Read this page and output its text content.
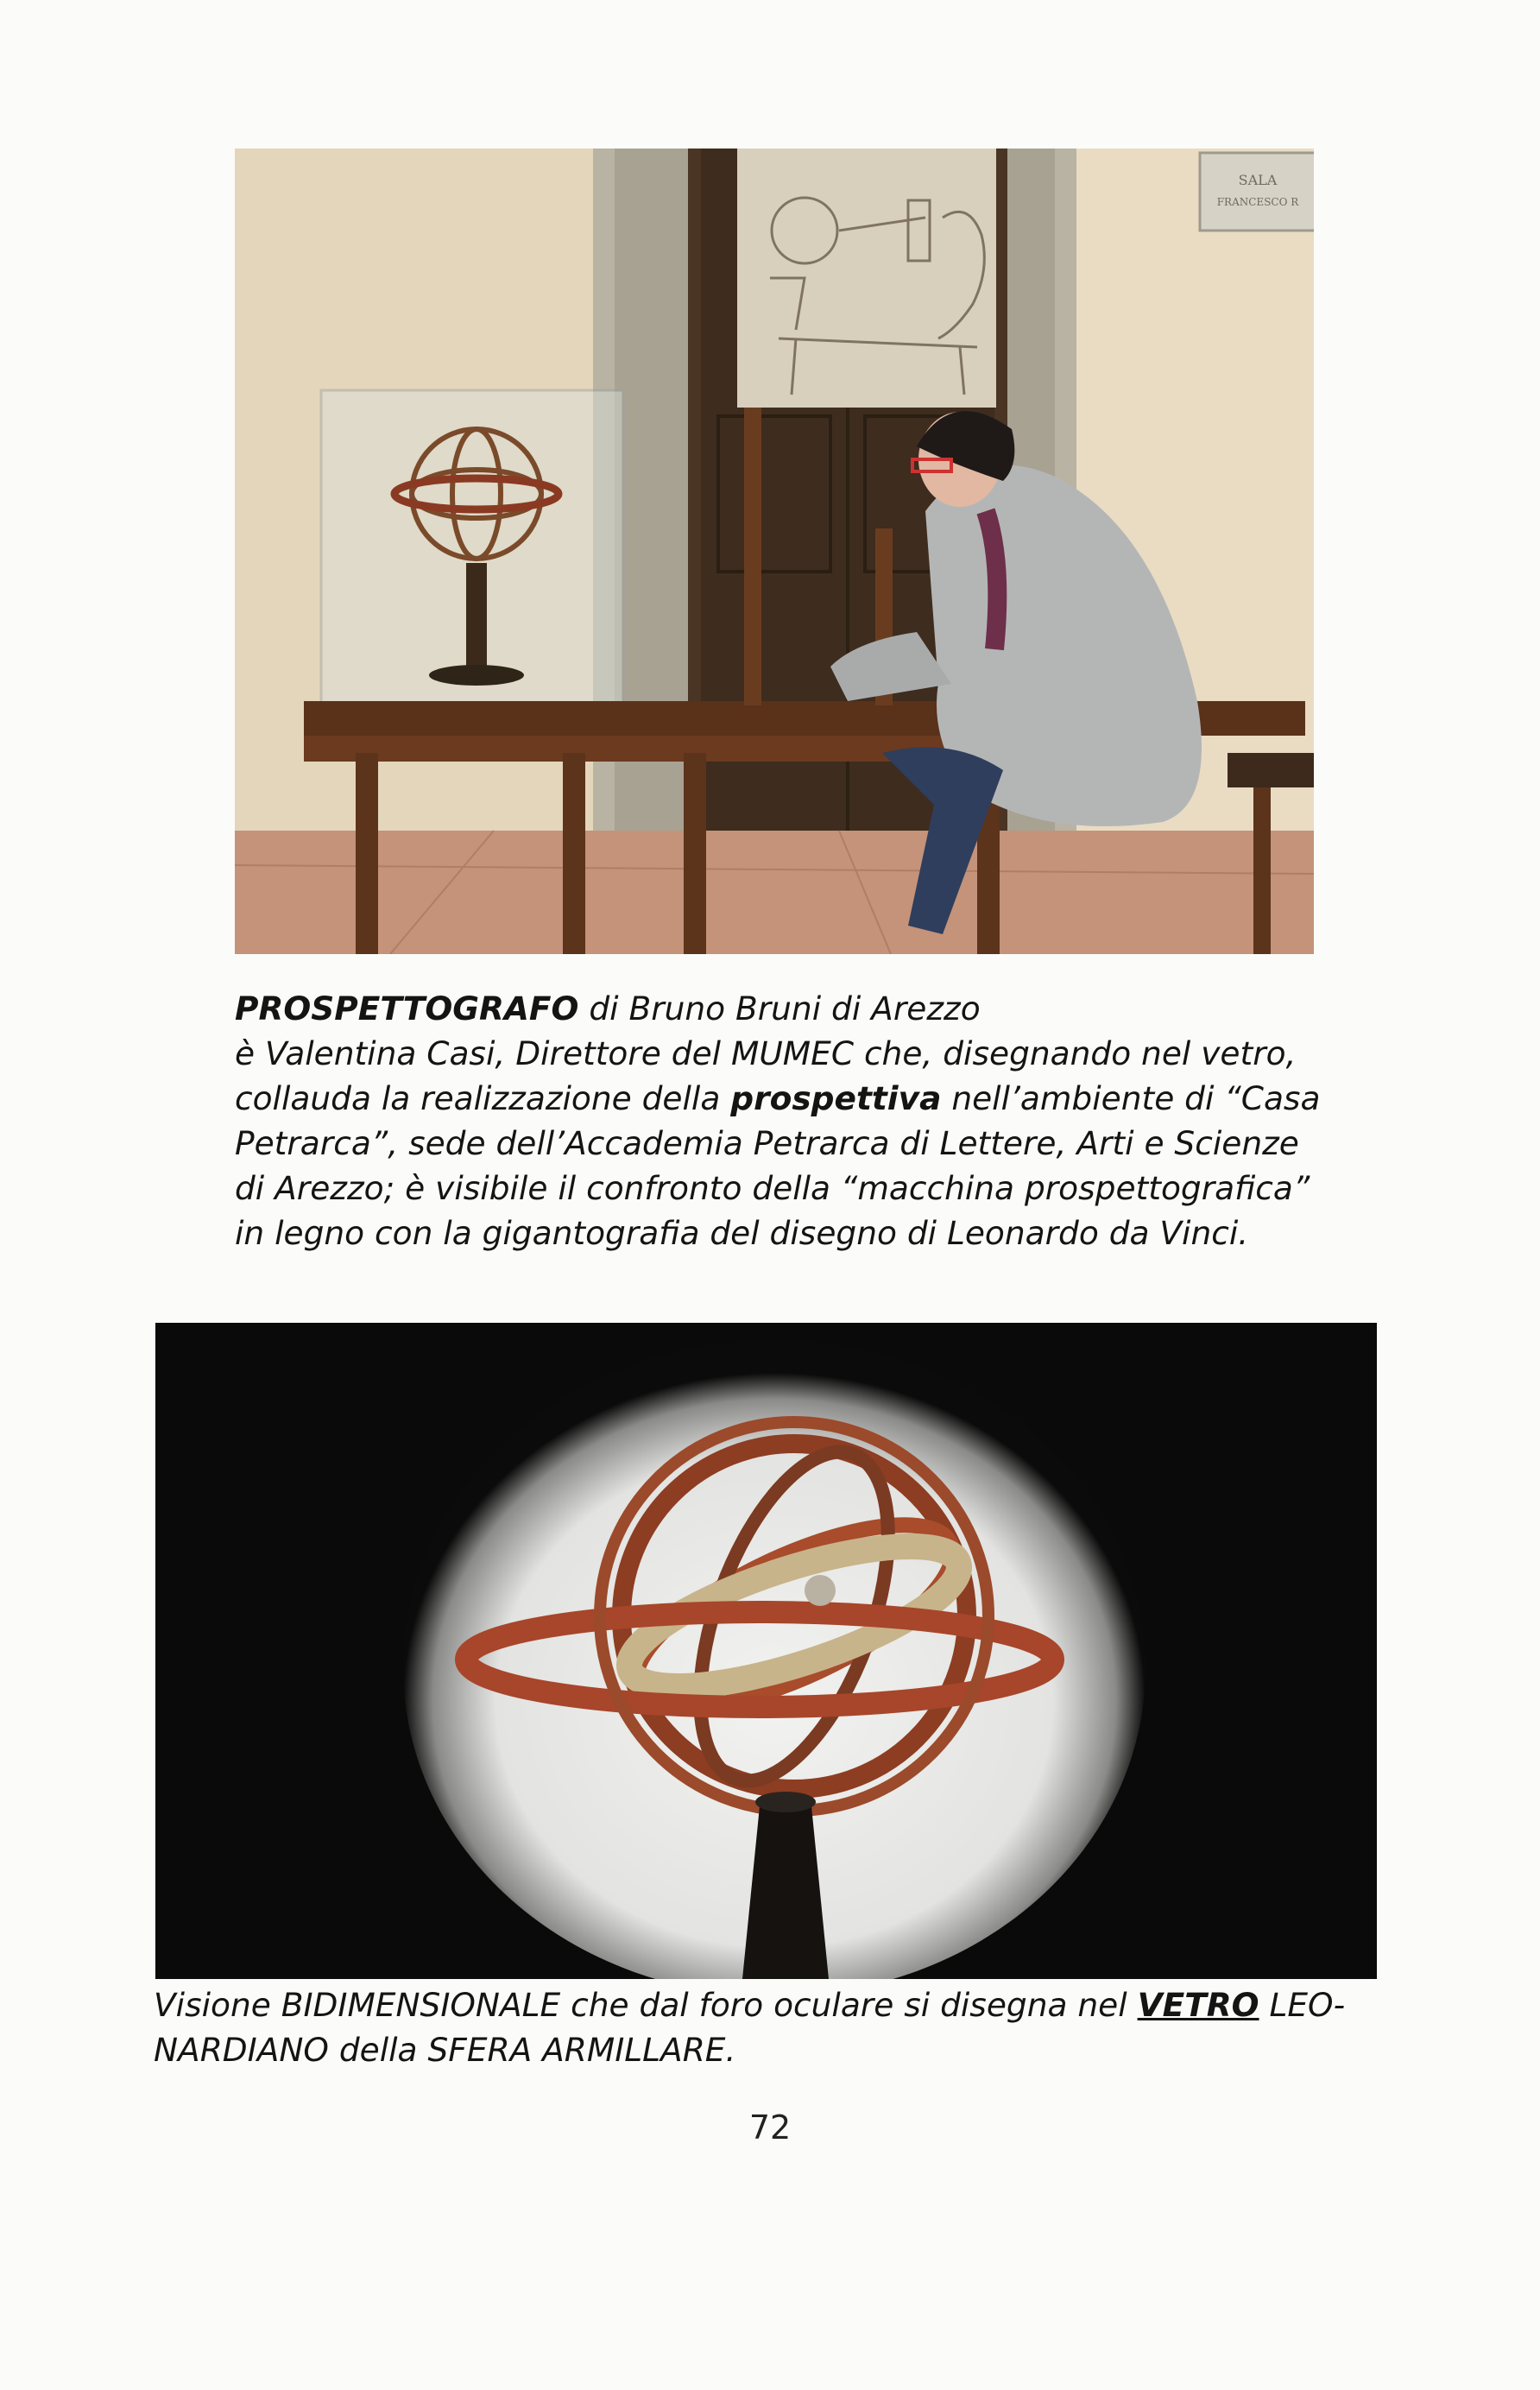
SALA
FRANCESCO R
PROSPETTOGRAFO di Bruno Bruni di Arezzo
è Valentina Casi, Direttore del MUMEC che, disegnando nel vetro,
collauda la realizzazione della prospettiva nell’ambiente di “Casa
Petrarca”, sede dell’Accademia Petrarca di Lettere, Arti e Scienze
di Arezzo; è visibile il confronto della “macchina prospettografica”
in legno con la gigantografia del disegno di Leonardo da Vinci.
Visione BIDIMENSIONALE che dal foro oculare si disegna nel VETRO LEO-
NARDIANO della SFERA ARMILLARE.
72
